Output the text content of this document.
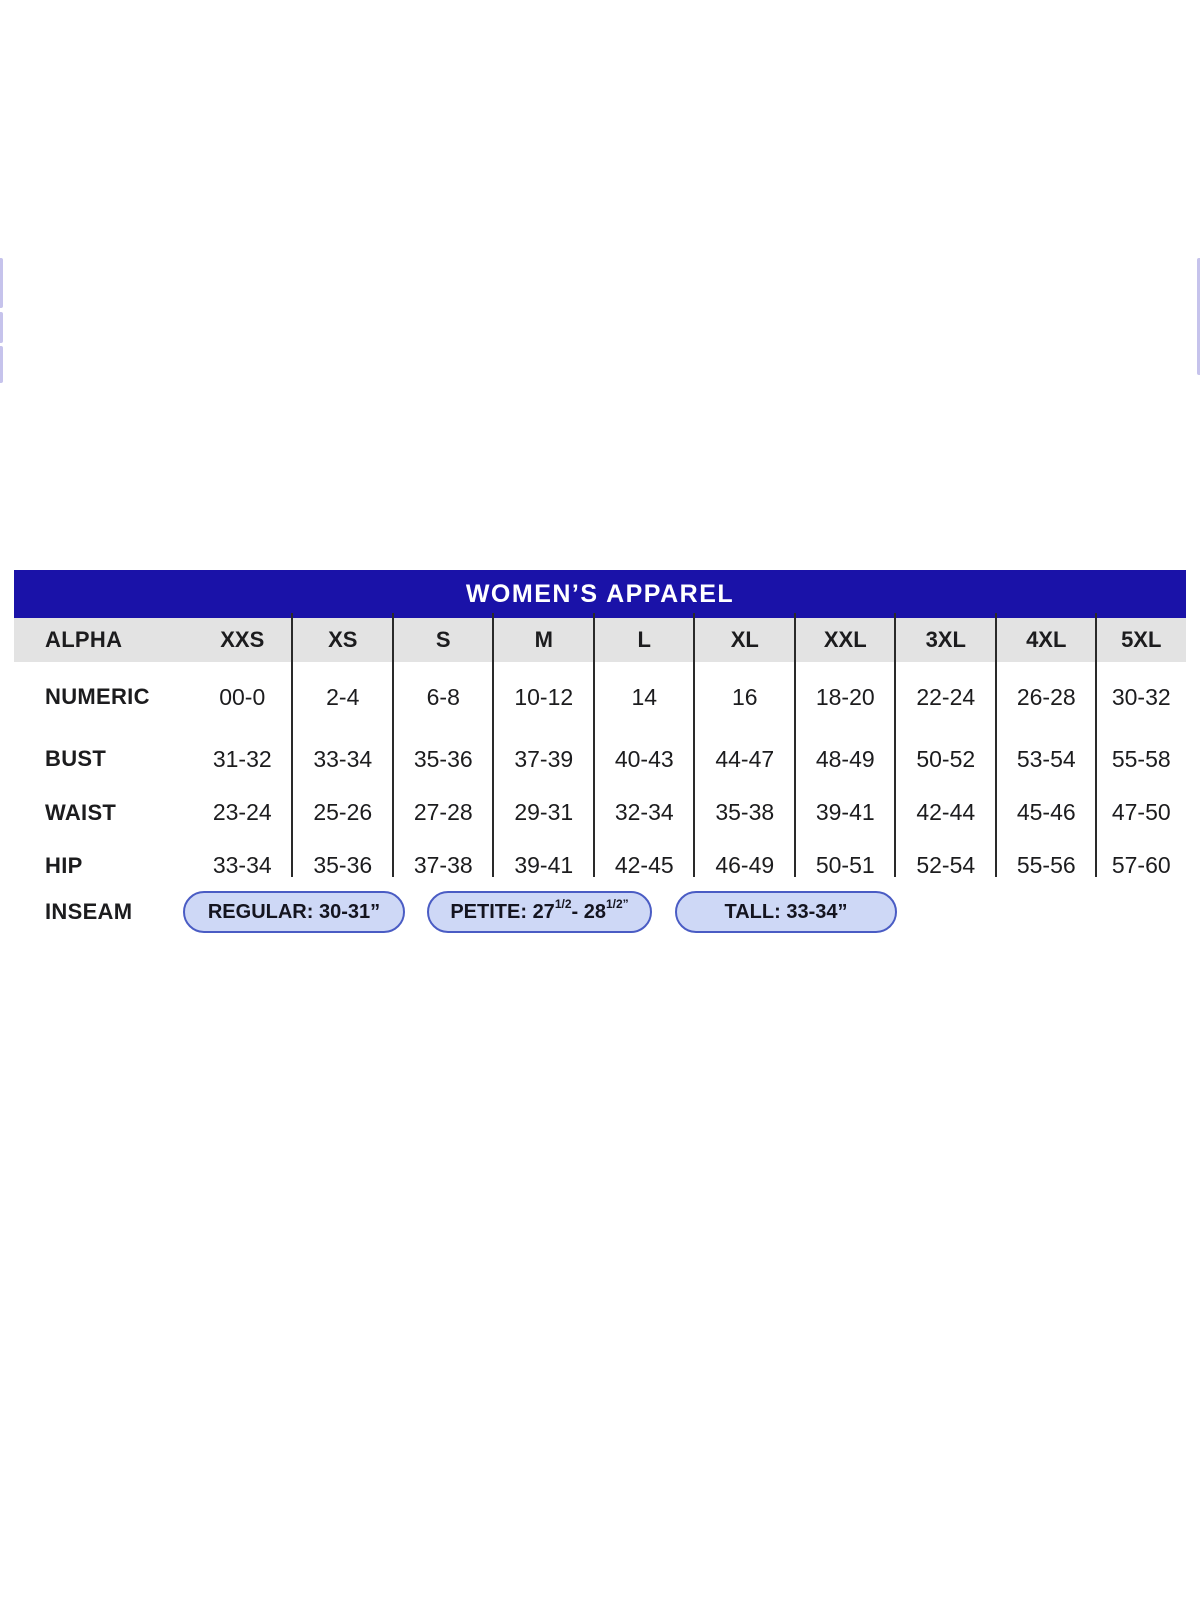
WOMEN’S APPAREL
ALPHA	XXS	XS	S	M	L	XL	XXL	3XL	4XL	5XL
NUMERIC	00-0	2-4	6-8	10-12	14	16	18-20	22-24	26-28	30-32
BUST	31-32	33-34	35-36	37-39	40-43	44-47	48-49	50-52	53-54	55-58
WAIST	23-24	25-26	27-28	29-31	32-34	35-38	39-41	42-44	45-46	47-50
HIP	33-34	35-36	37-38	39-41	42-45	46-49	50-51	52-54	55-56	57-60
INSEAM	REGULAR: 30-31”	PETITE: 27 1/2 - 28 1/2”	TALL: 33-34”
